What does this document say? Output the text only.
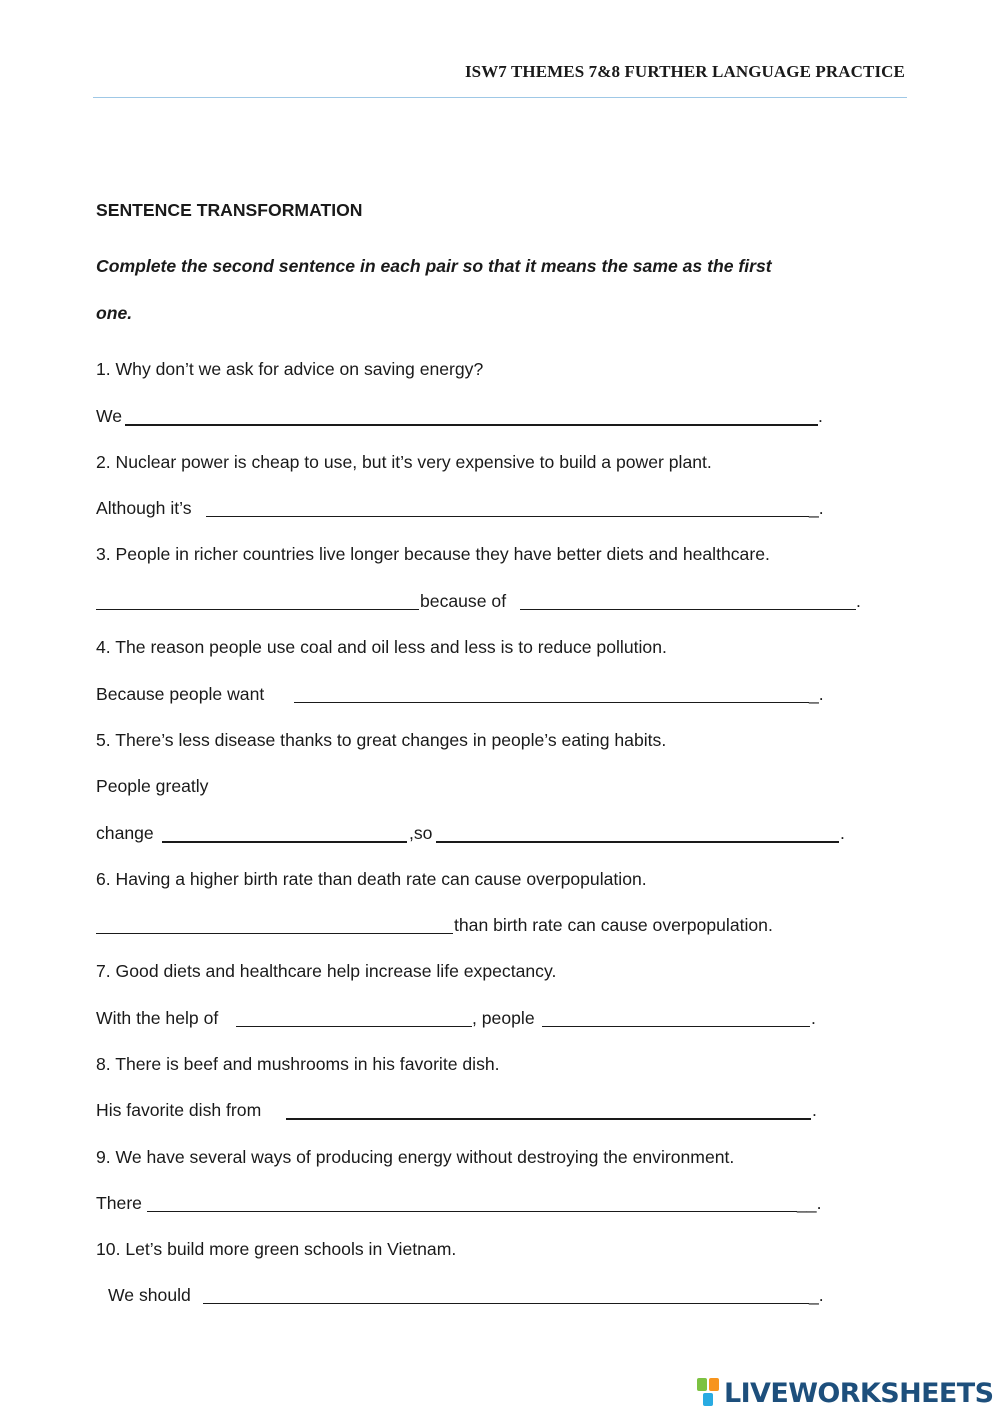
ISW7 THEMES 7&8 FURTHER LANGUAGE PRACTICE
SENTENCE TRANSFORMATION
Complete the second sentence in each pair so that it means the same as the first
one.
1. Why don’t we ask for advice on saving energy?
We	.
2. Nuclear power is cheap to use, but it’s very expensive to build a power plant.
Although it’s	_.
3. People in richer countries live longer because they have better diets and healthcare.
because of	.
4. The reason people use coal and oil less and less is to reduce pollution.
Because people want	_.
5. There’s less disease thanks to great changes in people’s eating habits.
People greatly
change	,so	.
6. Having a higher birth rate than death rate can cause overpopulation.
than birth rate can cause overpopulation.
7. Good diets and healthcare help increase life expectancy.
With the help of	, people	.
8. There is beef and mushrooms in his favorite dish.
His favorite dish from	.
9. We have several ways of producing energy without destroying the environment.
There	__.
10. Let’s build more green schools in Vietnam.
We should	_.
LIVEWORKSHEETS
